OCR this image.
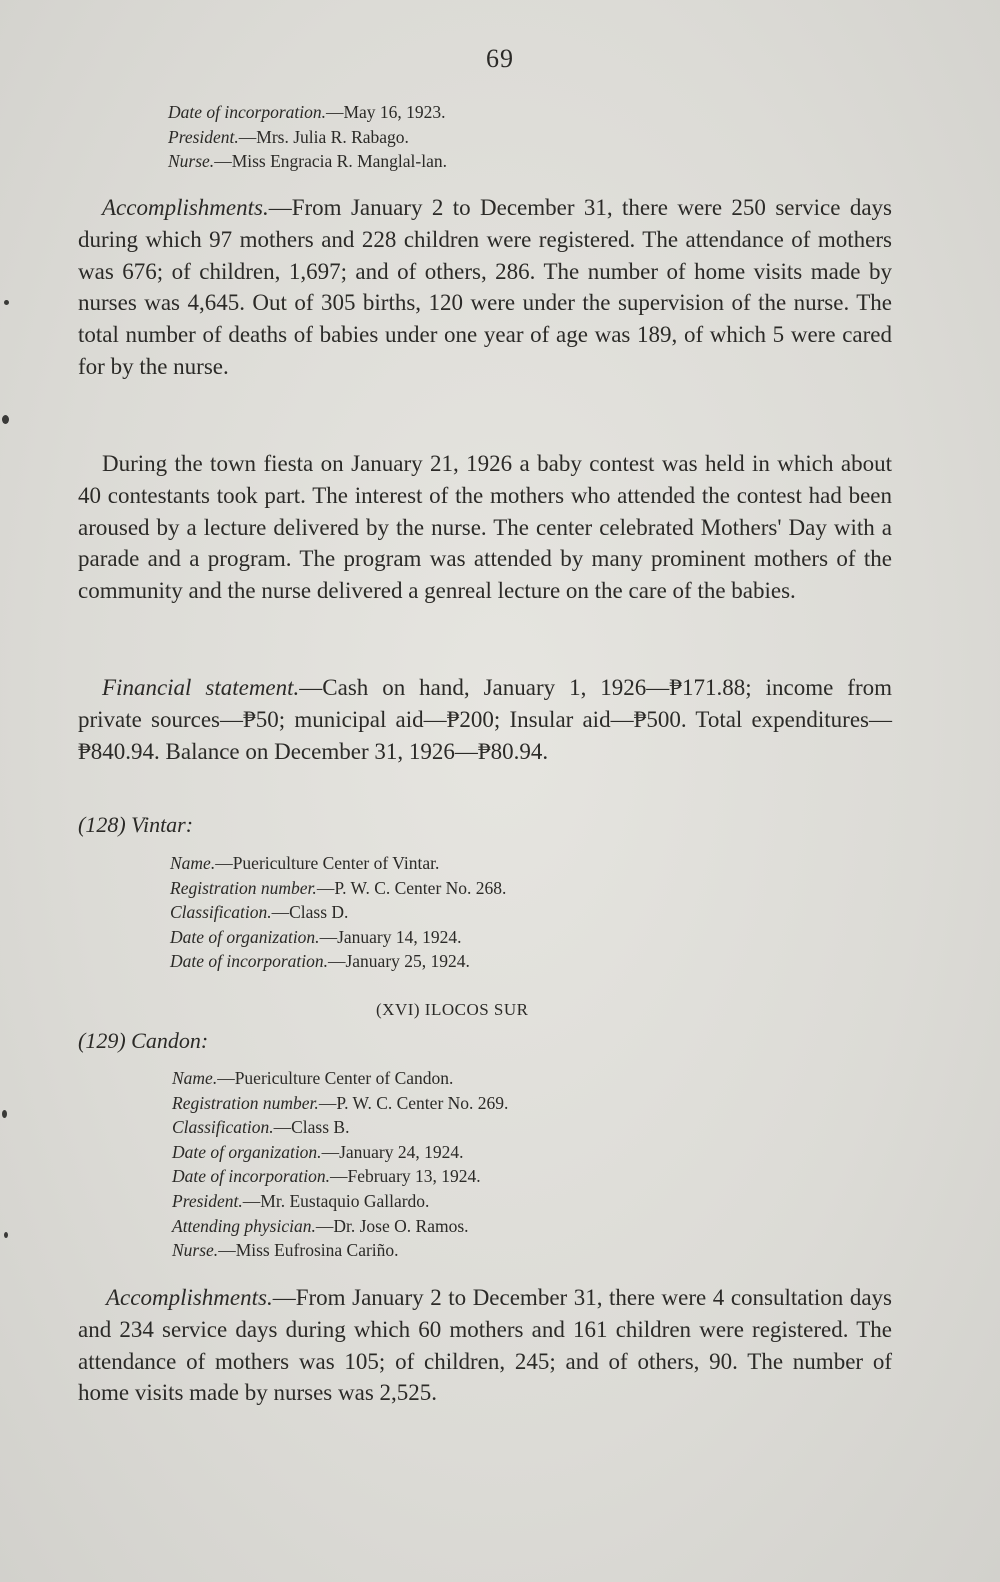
69
Date of incorporation.—May 16, 1923.
President.—Mrs. Julia R. Rabago.
Nurse.—Miss Engracia R. Manglal-lan.

Accomplishments.—From January 2 to December 31, there were 250 service days during which 97 mothers and 228 children were registered. The attendance of mothers was 676; of children, 1,697; and of others, 286. The number of home visits made by nurses was 4,645. Out of 305 births, 120 were under the supervision of the nurse. The total number of deaths of babies under one year of age was 189, of which 5 were cared for by the nurse.

During the town fiesta on January 21, 1926 a baby contest was held in which about 40 contestants took part. The interest of the mothers who attended the contest had been aroused by a lecture delivered by the nurse. The center celebrated Mothers' Day with a parade and a program. The program was attended by many prominent mothers of the community and the nurse delivered a genreal lecture on the care of the babies.

Financial statement.—Cash on hand, January 1, 1926—₱171.88; income from private sources—₱50; municipal aid—₱200; Insular aid—₱500. Total expenditures—₱840.94. Balance on December 31, 1926—₱80.94.

(128) Vintar:
Name.—Puericulture Center of Vintar.
Registration number.—P. W. C. Center No. 268.
Classification.—Class D.
Date of organization.—January 14, 1924.
Date of incorporation.—January 25, 1924.
(XVI) ILOCOS SUR
(129) Candon:
Name.—Puericulture Center of Candon.
Registration number.—P. W. C. Center No. 269.
Classification.—Class B.
Date of organization.—January 24, 1924.
Date of incorporation.—February 13, 1924.
President.—Mr. Eustaquio Gallardo.
Attending physician.—Dr. Jose O. Ramos.
Nurse.—Miss Eufrosina Cariño.

Accomplishments.—From January 2 to December 31, there were 4 consultation days and 234 service days during which 60 mothers and 161 children were registered. The attendance of mothers was 105; of children, 245; and of others, 90. The number of home visits made by nurses was 2,525.
